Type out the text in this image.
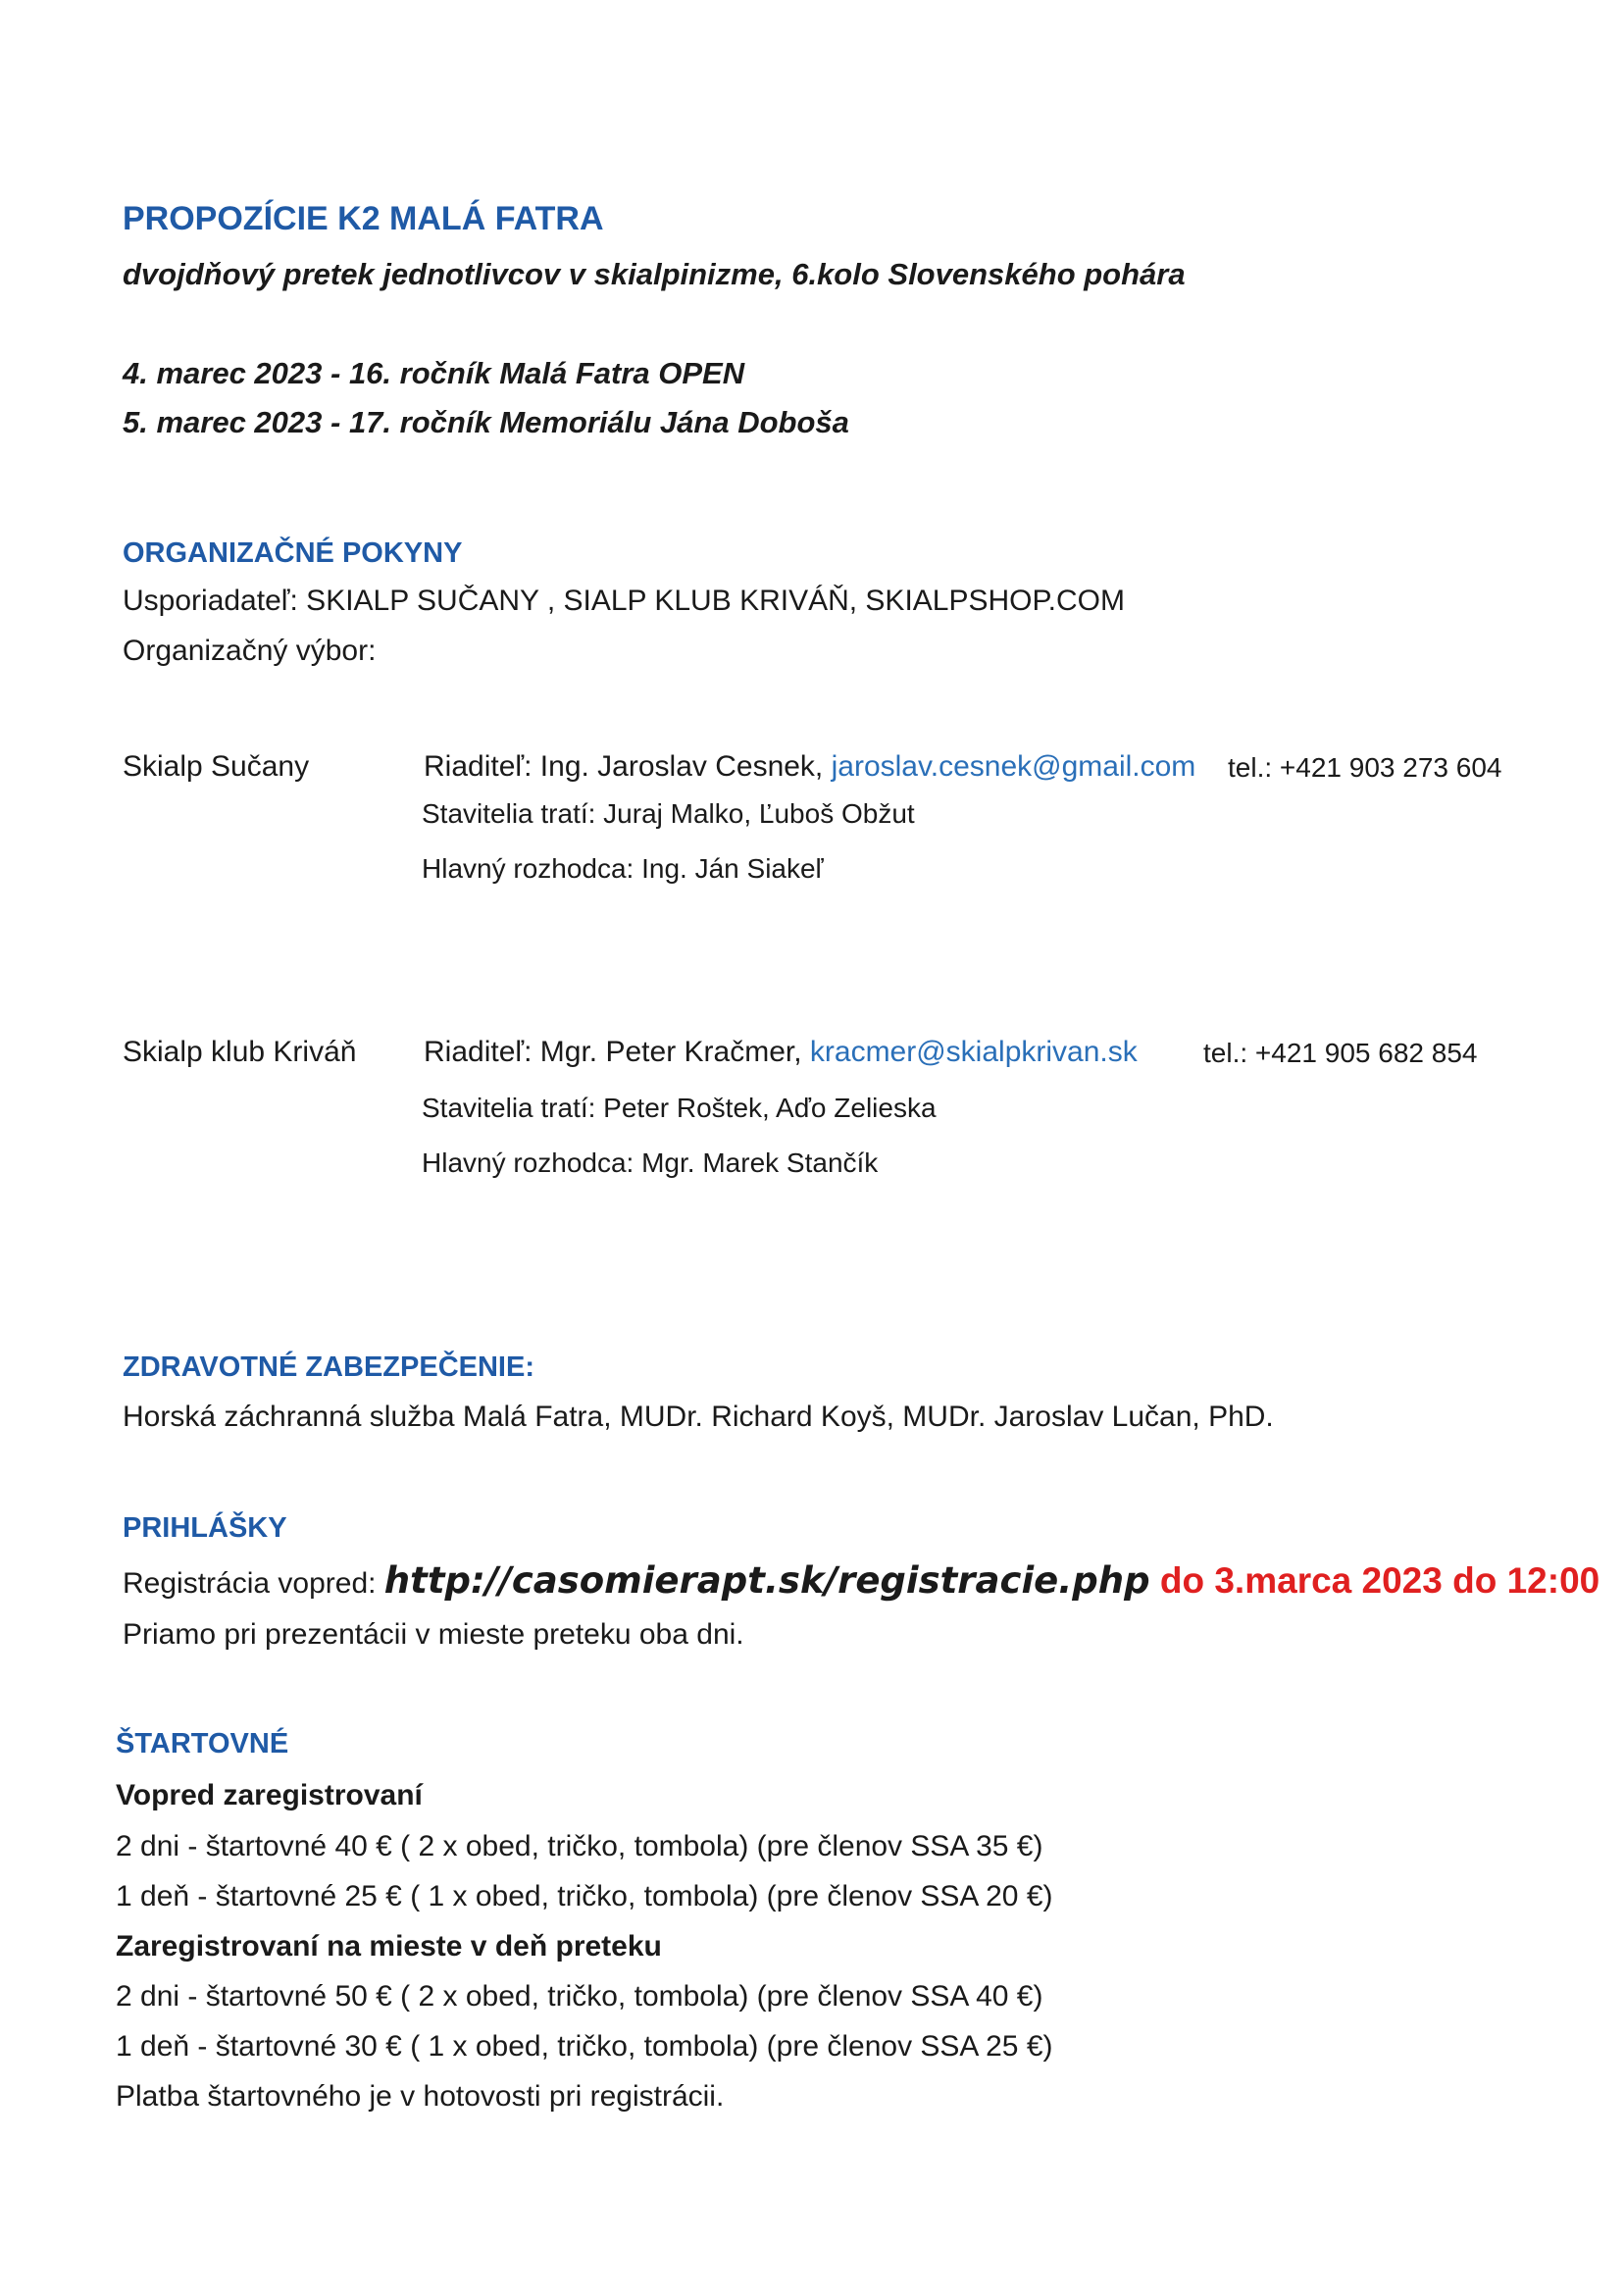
PROPOZÍCIE K2 MALÁ FATRA
dvojdňový pretek jednotlivcov v skialpinizme, 6.kolo Slovenského pohára
4. marec 2023 - 16. ročník Malá Fatra OPEN
5. marec 2023 - 17. ročník Memoriálu Jána Doboša
ORGANIZAČNÉ POKYNY
Usporiadateľ: SKIALP SUČANY , SIALP KLUB KRIVÁŇ, SKIALPSHOP.COM
Organizačný výbor:
Skialp Sučany	Riaditeľ: Ing. Jaroslav Cesnek, jaroslav.cesnek@gmail.com tel.: +421 903 273 604
Stavitelia tratí: Juraj Malko, Ľuboš Obžut
Hlavný rozhodca: Ing. Ján Siakeľ
Skialp klub Kriváň Riaditeľ: Mgr. Peter Kračmer, kracmer@skialpkrivan.sk tel.: +421 905 682 854
Stavitelia tratí: Peter Roštek, Aďo Zelieska
Hlavný rozhodca: Mgr. Marek Stančík
ZDRAVOTNÉ ZABEZPEČENIE:
Horská záchranná služba Malá Fatra, MUDr. Richard Koyš, MUDr. Jaroslav Lučan, PhD.
PRIHLÁŠKY
Registrácia vopred: http://casomierapt.sk/registracie.php do 3.marca 2023 do 12:00
Priamo pri prezentácii v mieste preteku oba dni.
ŠTARTOVNÉ
Vopred zaregistrovaní
2 dni - štartovné 40 € ( 2 x obed, tričko, tombola) (pre členov SSA 35 €)
1 deň - štartovné 25 € ( 1 x obed, tričko, tombola) (pre členov SSA 20 €)
Zaregistrovaní na mieste v deň preteku
2 dni - štartovné 50 € ( 2 x obed, tričko, tombola) (pre členov SSA 40 €)
1 deň - štartovné 30 € ( 1 x obed, tričko, tombola) (pre členov SSA 25 €)
Platba štartovného je v hotovosti pri registrácii.
